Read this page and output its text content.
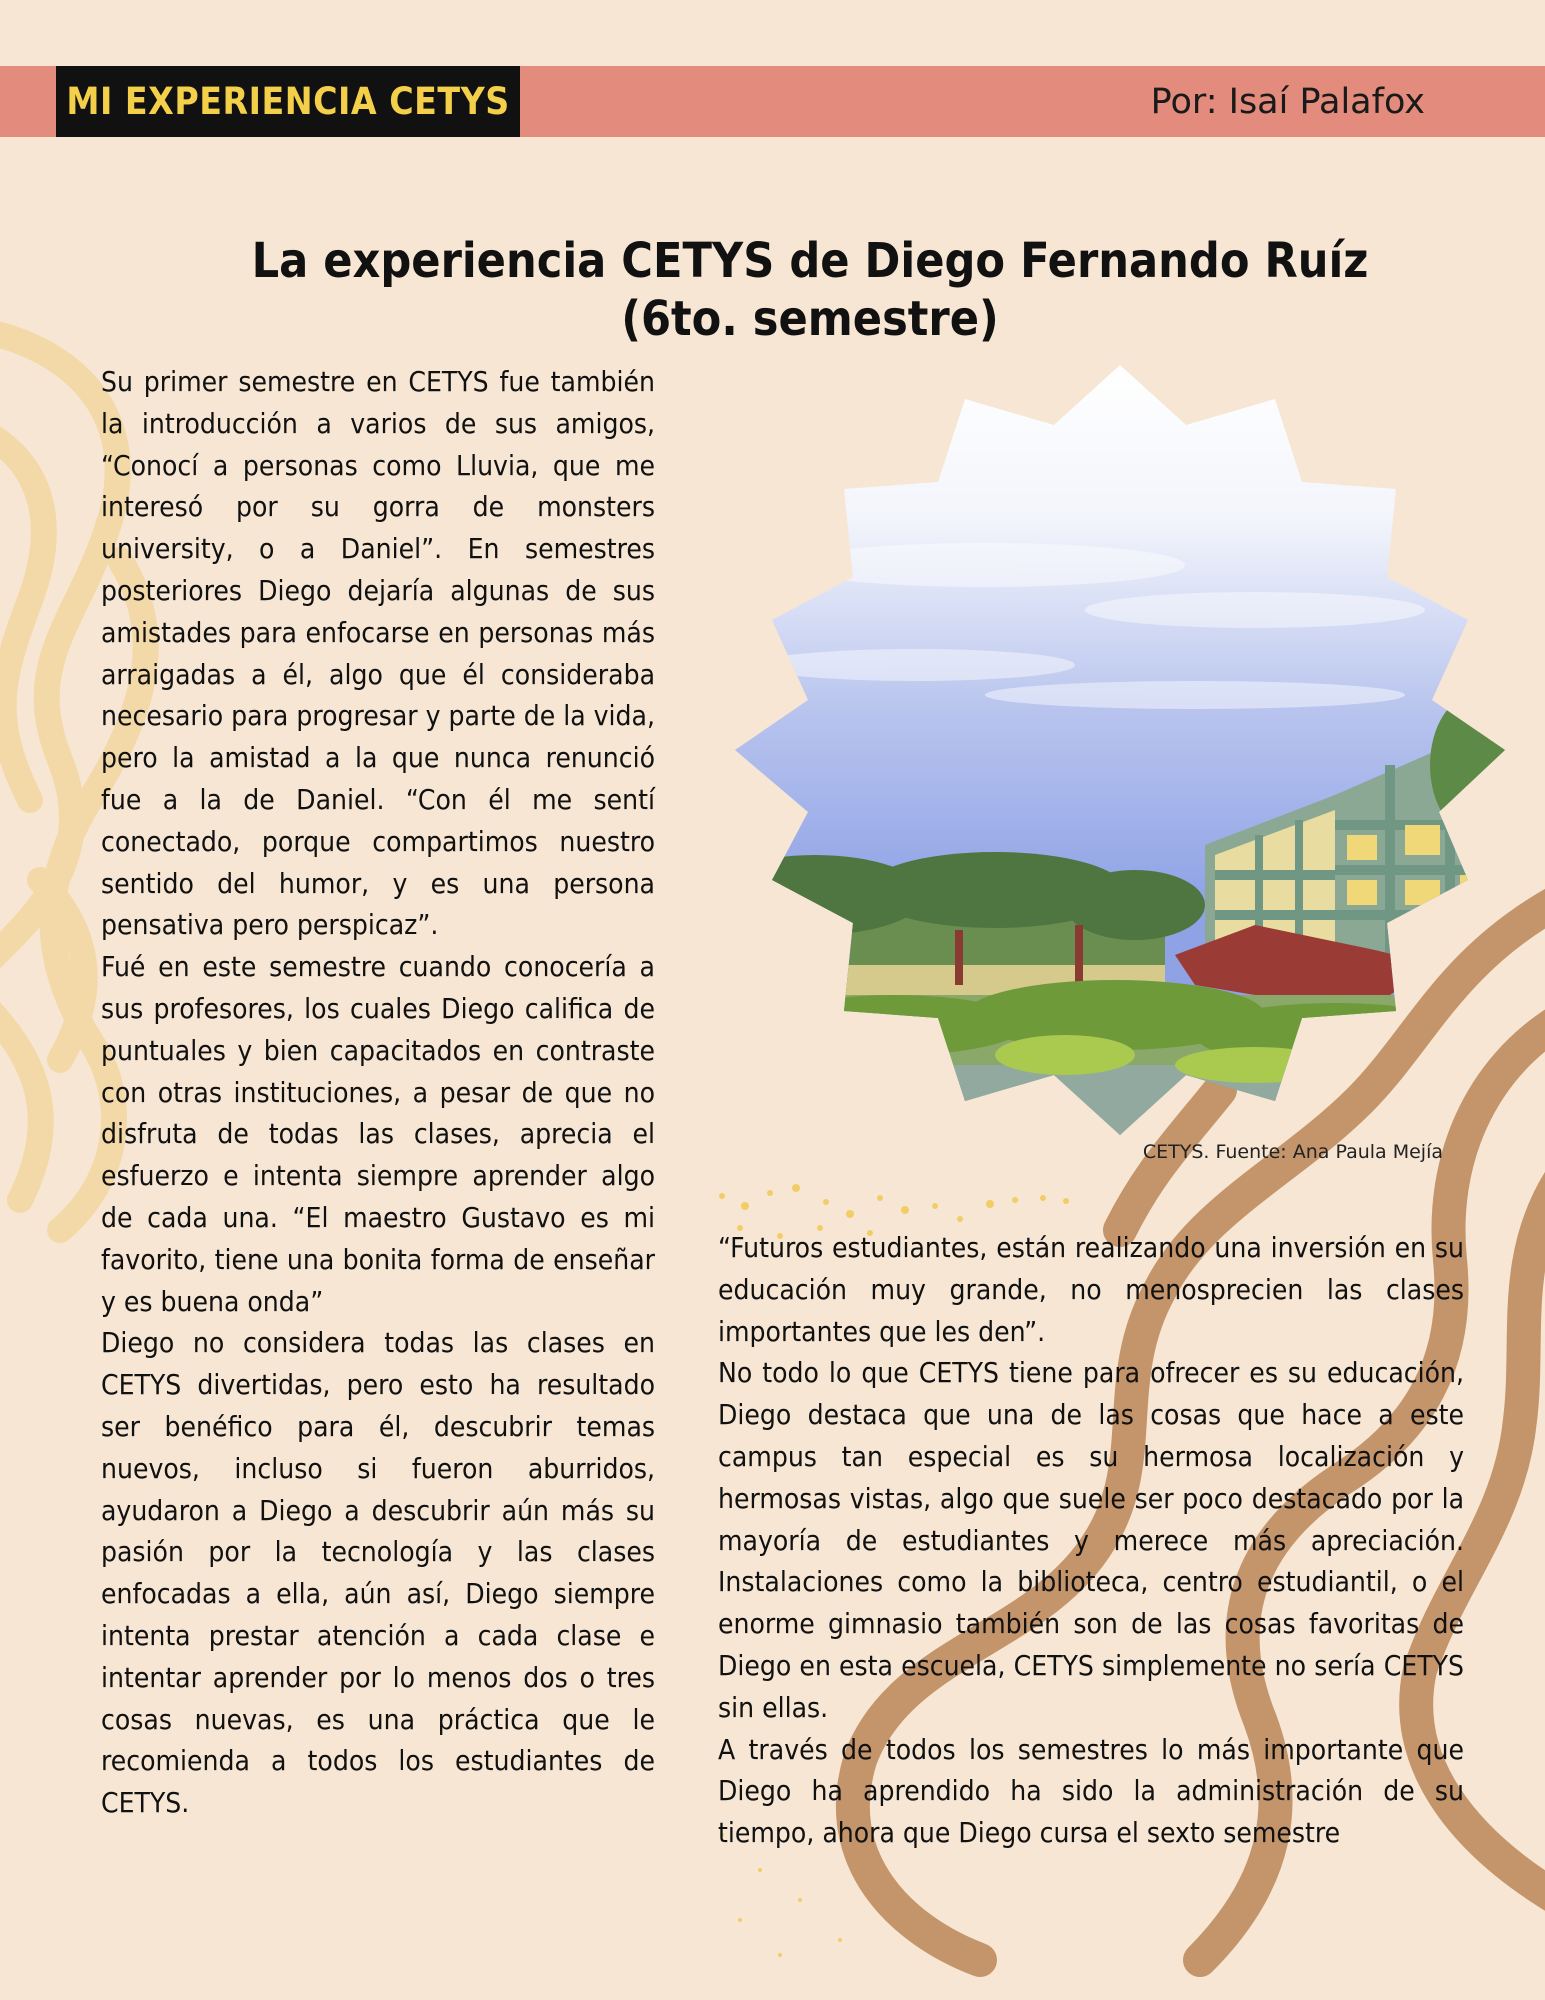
MI EXPERIENCIA CETYS	Por: Isaí Palafox
La experiencia CETYS de Diego Fernando Ruíz (6to. semestre)

Su primer semestre en CETYS fue también la introducción a varios de sus amigos, “Conocí a personas como Lluvia, que me interesó por su gorra de monsters university, o a Daniel”. En semestres posteriores Diego dejaría algunas de sus amistades para enfocarse en personas más arraigadas a él, algo que él consideraba necesario para progresar y parte de la vida, pero la amistad a la que nunca renunció fue a la de Daniel. “Con él me sentí conectado, porque compartimos nuestro sentido del humor, y es una persona pensativa pero perspicaz”.

Fué en este semestre cuando conocería a sus profesores, los cuales Diego califica de puntuales y bien capacitados en contraste con otras instituciones, a pesar de que no disfruta de todas las clases, aprecia el esfuerzo e intenta siempre aprender algo de cada una. “El maestro Gustavo es mi favorito, tiene una bonita forma de enseñar y es buena onda”

Diego no considera todas las clases en CETYS divertidas, pero esto ha resultado ser benéfico para él, descubrir temas nuevos, incluso si fueron aburridos, ayudaron a Diego a descubrir aún más su pasión por la tecnología y las clases enfocadas a ella, aún así, Diego siempre intenta prestar atención a cada clase e intentar aprender por lo menos dos o tres cosas nuevas, es una práctica que le recomienda a todos los estudiantes de CETYS.

CETYS. Fuente: Ana Paula Mejía

“Futuros estudiantes, están realizando una inversión en su educación muy grande, no menosprecien las clases importantes que les den”.

No todo lo que CETYS tiene para ofrecer es su educación, Diego destaca que una de las cosas que hace a este campus tan especial es su hermosa localización y hermosas vistas, algo que suele ser poco destacado por la mayoría de estudiantes y merece más apreciación. Instalaciones como la biblioteca, centro estudiantil, o el enorme gimnasio también son de las cosas favoritas de Diego en esta escuela, CETYS simplemente no sería CETYS sin ellas.

A través de todos los semestres lo más importante que Diego ha aprendido ha sido la administración de su tiempo, ahora que Diego cursa el sexto semestre
